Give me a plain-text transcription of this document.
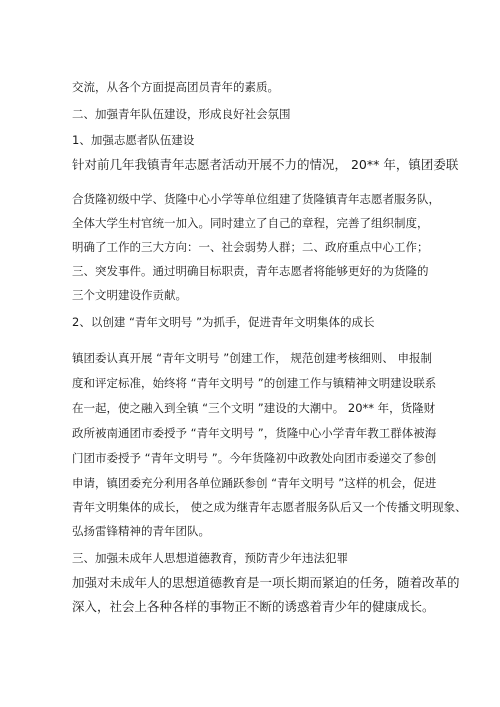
交流，从各个方面提高团员青年的素质。

二、加强青年队伍建设，形成良好社会氛围

1、加强志愿者队伍建设

针对前几年我镇青年志愿者活动开展不力的情况， 20** 年，镇团委联

合货隆初级中学、货隆中心小学等单位组建了货隆镇青年志愿者服务队，

全体大学生村官统一加入。同时建立了自己的章程，完善了组织制度，

明确了工作的三大方向：一、社会弱势人群；二、政府重点中心工作；

三、突发事件。通过明确目标职责，青年志愿者将能够更好的为货隆的

三个文明建设作贡献。

2、以创建 “青年文明号 ”为抓手，促进青年文明集体的成长

镇团委认真开展 “青年文明号 ”创建工作， 规范创建考核细则、 申报制

度和评定标准，始终将 “青年文明号 ”的创建工作与镇精神文明建设联系

在一起，使之融入到全镇 “三个文明 ”建设的大潮中。 20** 年，货隆财

政所被南通团市委授予 “青年文明号 ”，货隆中心小学青年教工群体被海

门团市委授予 “青年文明号 ”。今年货隆初中政教处向团市委递交了参创

申请，镇团委充分利用各单位踊跃参创 “青年文明号 ”这样的机会，促进

青年文明集体的成长， 使之成为继青年志愿者服务队后又一个传播文明现象、

弘扬雷锋精神的青年团队。

三、加强未成年人思想道德教育，预防青少年违法犯罪

加强对未成年人的思想道德教育是一项长期而紧迫的任务，随着改革的

深入，社会上各种各样的事物正不断的诱惑着青少年的健康成长。
